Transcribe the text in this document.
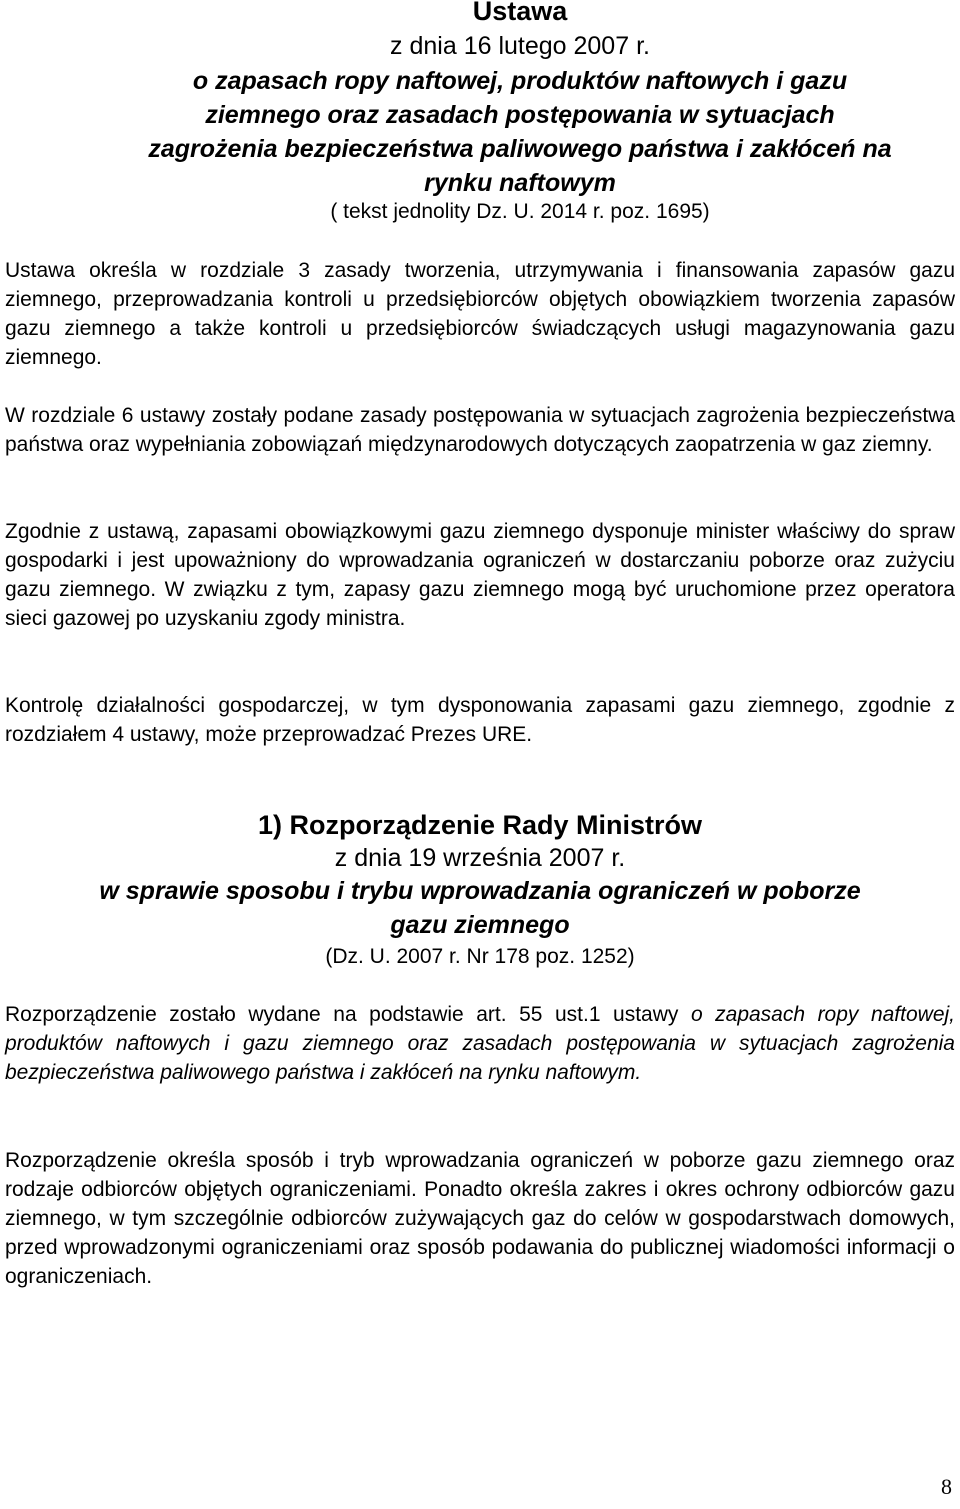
Ustawa

z dnia 16 lutego 2007 r.

o zapasach ropy naftowej, produktów naftowych i gazu
ziemnego oraz zasadach postępowania w sytuacjach
zagrożenia bezpieczeństwa paliwowego państwa i zakłóceń na
rynku naftowym

( tekst jednolity Dz. U. 2014 r. poz. 1695)

Ustawa określa w rozdziale 3 zasady tworzenia, utrzymywania i finansowania zapasów gazu ziemnego, przeprowadzania kontroli u przedsiębiorców objętych obowiązkiem tworzenia zapasów gazu ziemnego a także kontroli u przedsiębiorców świadczących usługi magazynowania gazu ziemnego.

W rozdziale 6 ustawy zostały podane zasady postępowania w sytuacjach zagrożenia bezpieczeństwa państwa oraz wypełniania zobowiązań międzynarodowych dotyczących zaopatrzenia w gaz ziemny.

Zgodnie z ustawą, zapasami obowiązkowymi gazu ziemnego dysponuje minister właściwy do spraw gospodarki i jest upoważniony do wprowadzania ograniczeń w dostarczaniu poborze oraz zużyciu gazu ziemnego. W związku z tym, zapasy gazu ziemnego mogą być uruchomione przez operatora sieci gazowej po uzyskaniu zgody ministra.

Kontrolę działalności gospodarczej, w tym dysponowania zapasami gazu ziemnego, zgodnie z rozdziałem 4 ustawy, może przeprowadzać Prezes URE.

1) Rozporządzenie Rady Ministrów

z dnia 19 września 2007 r.

w sprawie sposobu i trybu wprowadzania ograniczeń w poborze
gazu ziemnego

(Dz. U. 2007 r. Nr 178 poz. 1252)

Rozporządzenie zostało wydane na podstawie art. 55 ust.1 ustawy o zapasach ropy naftowej, produktów naftowych i gazu ziemnego oraz zasadach postępowania w sytuacjach zagrożenia bezpieczeństwa paliwowego państwa i zakłóceń na rynku naftowym.

Rozporządzenie określa sposób i tryb wprowadzania ograniczeń w poborze gazu ziemnego oraz rodzaje odbiorców objętych ograniczeniami. Ponadto określa zakres i okres ochrony odbiorców gazu ziemnego, w tym szczególnie odbiorców zużywających gaz do celów w gospodarstwach domowych, przed wprowadzonymi ograniczeniami oraz sposób podawania do publicznej wiadomości informacji o ograniczeniach.

8
